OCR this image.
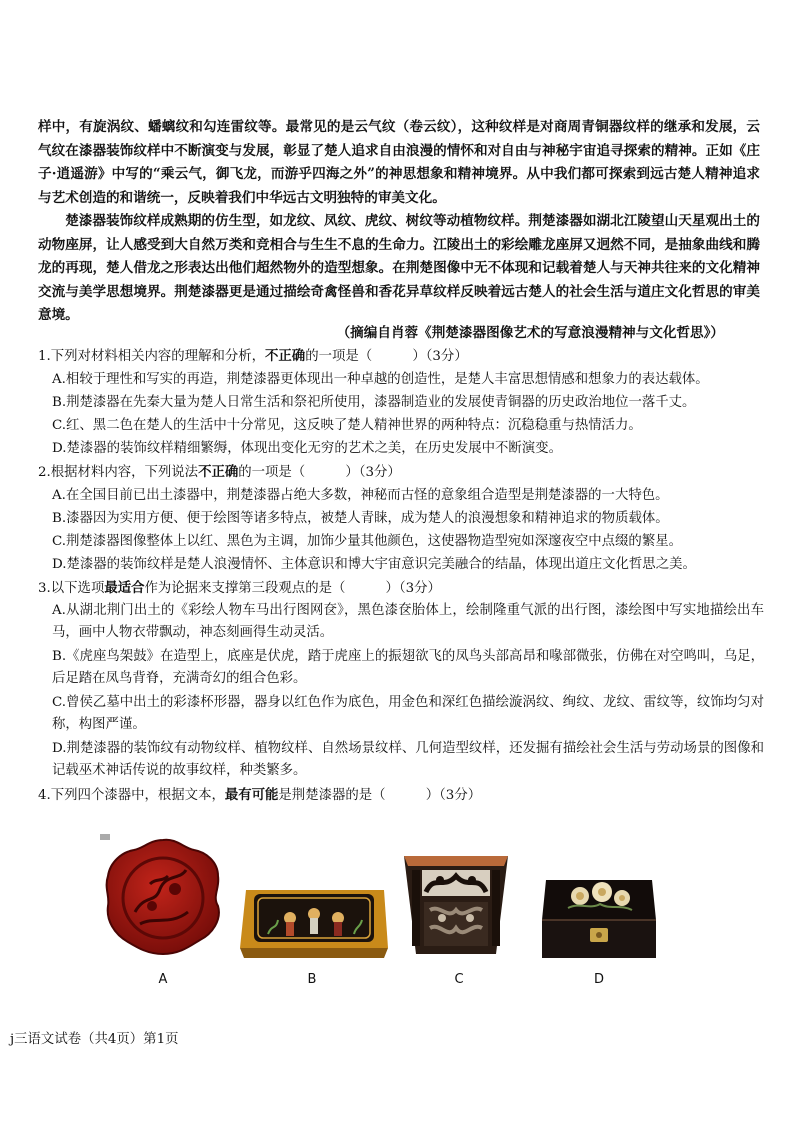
样中，有旋涡纹、蟠螭纹和勾连雷纹等。最常见的是云气纹（卷云纹），这种纹样是对商周青铜器纹样的继承和发展，云气纹在漆器装饰纹样中不断演变与发展，彰显了楚人追求自由浪漫的情怀和对自由与神秘宇宙追寻探索的精神。正如《庄子·逍遥游》中写的“乘云气，御飞龙，而游乎四海之外”的神思想象和精神境界。从中我们都可探索到远古楚人精神追求与艺术创造的和谐统一，反映着我们中华远古文明独特的审美文化。

楚漆器装饰纹样成熟期的仿生型，如龙纹、凤纹、虎纹、树纹等动植物纹样。荆楚漆器如湖北江陵望山天星观出土的动物座屏，让人感受到大自然万类和竞相合与生生不息的生命力。江陵出土的彩绘雕龙座屏又迥然不同，是抽象曲线和腾龙的再现，楚人借龙之形表达出他们超然物外的造型想象。在荆楚图像中无不体现和记载着楚人与天神共往来的文化精神交流与美学思想境界。荆楚漆器更是通过描绘奇禽怪兽和香花异草纹样反映着远古楚人的社会生活与道庄文化哲思的审美意境。

（摘编自肖蓉《荆楚漆器图像艺术的写意浪漫精神与文化哲思》）

1.下列对材料相关内容的理解和分析，不正确的一项是（　　　）（3分）

A.相较于理性和写实的再造，荆楚漆器更体现出一种卓越的创造性，是楚人丰富思想情感和想象力的表达载体。

B.荆楚漆器在先秦大量为楚人日常生活和祭祀所使用，漆器制造业的发展使青铜器的历史政治地位一落千丈。

C.红、黑二色在楚人的生活中十分常见，这反映了楚人精神世界的两种特点：沉稳稳重与热情活力。

D.楚漆器的装饰纹样精细繁缛，体现出变化无穷的艺术之美，在历史发展中不断演变。

2.根据材料内容，下列说法不正确的一项是（　　　）（3分）

A.在全国目前已出土漆器中，荆楚漆器占绝大多数，神秘而古怪的意象组合造型是荆楚漆器的一大特色。

B.漆器因为实用方便、便于绘图等诸多特点，被楚人青睐，成为楚人的浪漫想象和精神追求的物质载体。

C.荆楚漆器图像整体上以红、黑色为主调，加饰少量其他颜色，这使器物造型宛如深邃夜空中点缀的繁星。

D.楚漆器的装饰纹样是楚人浪漫情怀、主体意识和博大宇宙意识完美融合的结晶，体现出道庄文化哲思之美。

3.以下选项最适合作为论据来支撑第三段观点的是（　　　）（3分）

A.从湖北荆门出土的《彩绘人物车马出行图网奁》，黑色漆奁胎体上，绘制隆重气派的出行图，漆绘图中写实地描绘出车马，画中人物衣带飘动，神态刻画得生动灵活。

B.《虎座鸟架鼓》在造型上，底座是伏虎，踏于虎座上的振翅欲飞的凤鸟头部高昂和喙部微张，仿佛在对空鸣叫，乌足，后足踏在凤鸟背脊，充满奇幻的组合色彩。

C.曾侯乙墓中出土的彩漆杯形器，器身以红色作为底色，用金色和深红色描绘漩涡纹、绚纹、龙纹、雷纹等，纹饰均匀对称，构图严谨。

D.荆楚漆器的装饰纹有动物纹样、植物纹样、自然场景纹样、几何造型纹样，还发掘有描绘社会生活与劳动场景的图像和记载巫术神话传说的故事纹样，种类繁多。

4.下列四个漆器中，根据文本，最有可能是荆楚漆器的是（　　　）（3分）

A	B	C	D
j三语文试卷（共4页）第1页
